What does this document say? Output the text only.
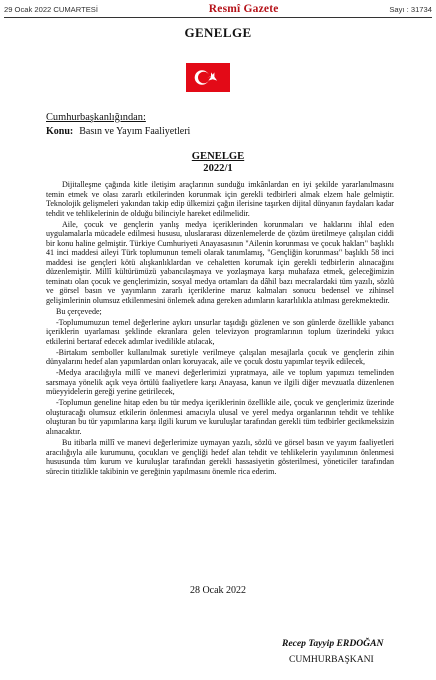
29 Ocak 2022 CUMARTESİ	Resmî Gazete	Sayı : 31734
GENELGE
Cumhurbaşkanlığından:
Konu: Basın ve Yayım Faaliyetleri
GENELGE
2022/1

Dijitalleşme çağında kitle iletişim araçlarının sunduğu imkânlardan en iyi şekilde yararlanılmasını temin etmek ve olası zararlı etkilerinden korunmak için gerekli tedbirleri almak elzem hale gelmiştir. Teknolojik gelişmeleri yakından takip edip ülkemizi çağın ilerisine taşırken dijital dünyanın faydaları kadar tehdit ve tehlikelerinin de olduğu bilinciyle hareket edilmelidir.

Aile, çocuk ve gençlerin yanlış medya içeriklerinden korunmaları ve haklarını ihlal eden uygulamalarla mücadele edilmesi hususu, uluslararası düzenlemelerde de çözüm üretilmeye çalışılan ciddi bir konu haline gelmiştir. Türkiye Cumhuriyeti Anayasasının "Ailenin korunması ve çocuk hakları" başlıklı 41 inci maddesi aileyi Türk toplumunun temeli olarak tanımlamış, "Gençliğin korunması" başlıklı 58 inci maddesi ise gençleri kötü alışkanlıklardan ve cehaletten korumak için gerekli tedbirlerin alınacağını düzenlemiştir. Millî kültürümüzü yabancılaşmaya ve yozlaşmaya karşı muhafaza etmek, geleceğimizin teminatı olan çocuk ve gençlerimizin, sosyal medya ortamları da dâhil bazı mecralardaki tüm yazılı, sözlü ve görsel basın ve yayımların zararlı içeriklerine maruz kalmaları sonucu bedensel ve zihinsel gelişimlerinin olumsuz etkilenmesini önlemek adına gereken adımların kararlılıkla atılması gerekmektedir.

Bu çerçevede;

-Toplumumuzun temel değerlerine aykırı unsurlar taşıdığı gözlenen ve son günlerde özellikle yabancı içeriklerin uyarlaması şeklinde ekranlara gelen televizyon programlarının toplum üzerindeki yıkıcı etkilerini bertaraf edecek adımlar ivedilikle atılacak,

-Birtakım semboller kullanılmak suretiyle verilmeye çalışılan mesajlarla çocuk ve gençlerin zihin dünyalarını hedef alan yapımlardan onları koruyacak, aile ve çocuk dostu yapımlar teşvik edilecek,

-Medya aracılığıyla millî ve manevi değerlerimizi yıpratmaya, aile ve toplum yapımızı temelinden sarsmaya yönelik açık veya örtülü faaliyetlere karşı Anayasa, kanun ve ilgili diğer mevzuatla düzenlenen müeyyidelerin gereği yerine getirilecek,

-Toplumun geneline hitap eden bu tür medya içeriklerinin özellikle aile, çocuk ve gençlerimiz üzerinde oluşturacağı olumsuz etkilerin önlenmesi amacıyla ulusal ve yerel medya organlarının tehdit ve tehlike oluşturan bu tür yapımlarına karşı ilgili kurum ve kuruluşlar tarafından gerekli tüm tedbirler gecikmeksizin alınacaktır.

Bu itibarla millî ve manevi değerlerimize uymayan yazılı, sözlü ve görsel basın ve yayım faaliyetleri aracılığıyla aile kurumunu, çocukları ve gençliği hedef alan tehdit ve tehlikelerin yayılımının önlenmesi hususunda tüm kurum ve kuruluşlar tarafından gerekli hassasiyetin gösterilmesi, yöneticiler tarafından sürecin titizlikle takibinin ve gereğinin yapılmasını önemle rica ederim.

28 Ocak 2022
Recep Tayyip ERDOĞAN
CUMHURBAŞKANI
